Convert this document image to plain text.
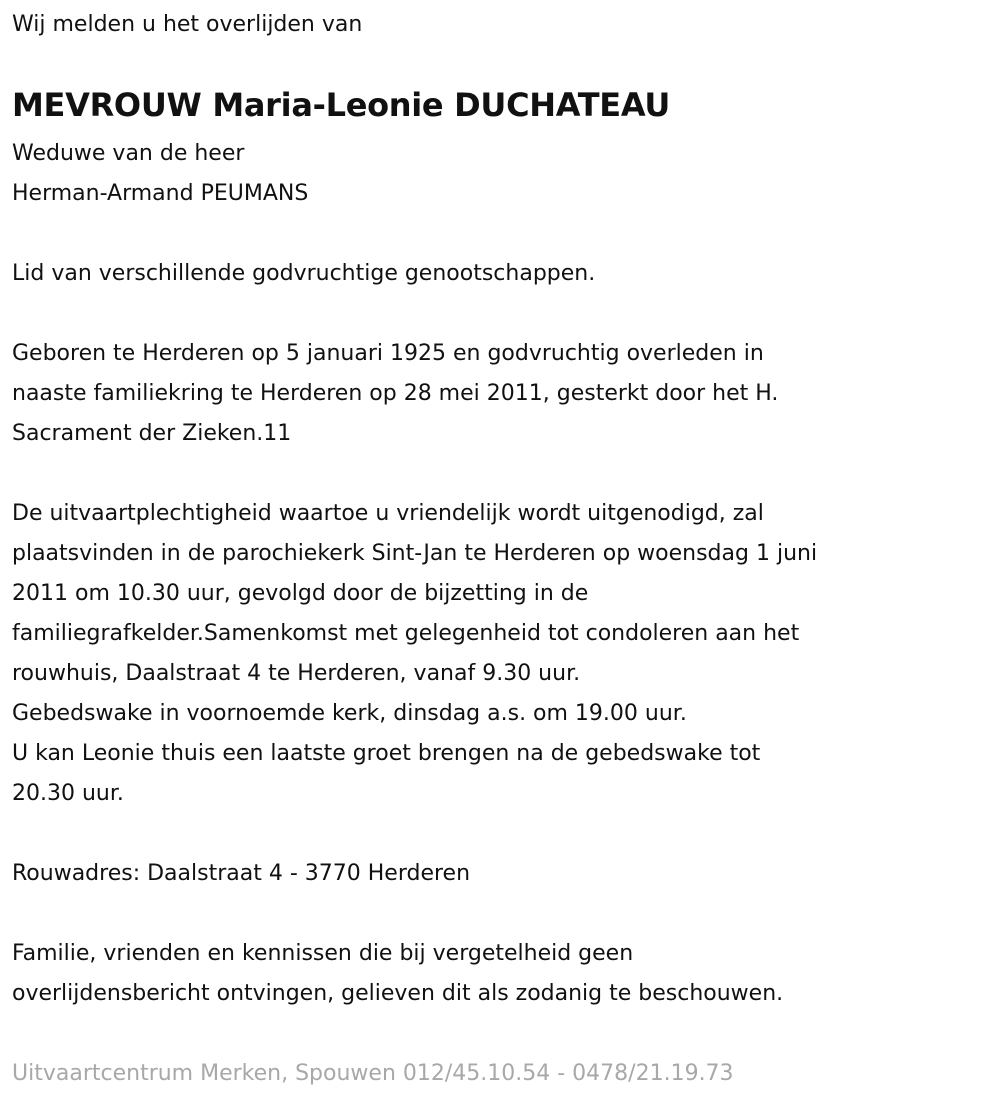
Wij melden u het overlijden van
MEVROUW Maria-Leonie DUCHATEAU
Weduwe van de heer
Herman-Armand PEUMANS
Lid van verschillende godvruchtige genootschappen.
Geboren te Herderen op 5 januari 1925 en godvruchtig overleden in
naaste familiekring te Herderen op 28 mei 2011, gesterkt door het H.
Sacrament der Zieken.11
De uitvaartplechtigheid waartoe u vriendelijk wordt uitgenodigd, zal
plaatsvinden in de parochiekerk Sint-Jan te Herderen op woensdag 1 juni
2011 om 10.30 uur, gevolgd door de bijzetting in de
familiegrafkelder.Samenkomst met gelegenheid tot condoleren aan het
rouwhuis, Daalstraat 4 te Herderen, vanaf 9.30 uur.
Gebedswake in voornoemde kerk, dinsdag a.s. om 19.00 uur.
U kan Leonie thuis een laatste groet brengen na de gebedswake tot
20.30 uur.
Rouwadres: Daalstraat 4 - 3770 Herderen
Familie, vrienden en kennissen die bij vergetelheid geen
overlijdensbericht ontvingen, gelieven dit als zodanig te beschouwen.
Uitvaartcentrum Merken, Spouwen 012/45.10.54 - 0478/21.19.73
